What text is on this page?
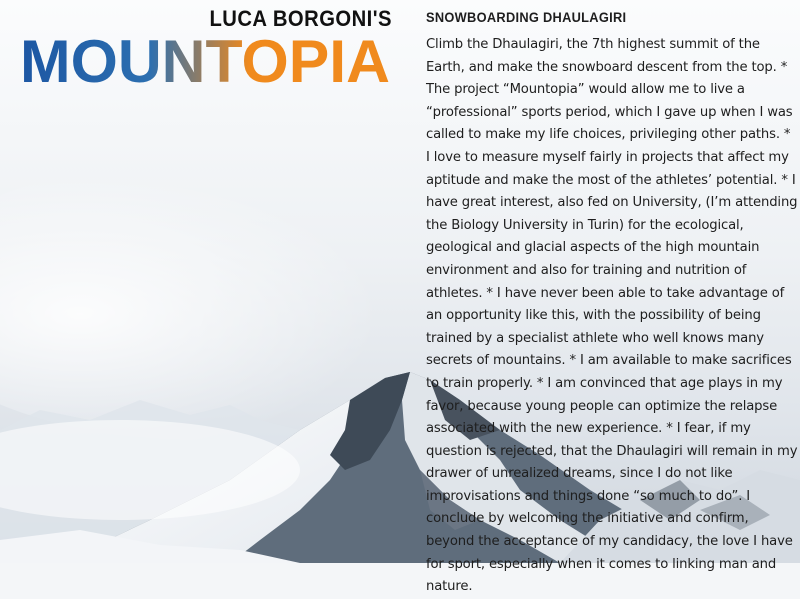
LUCA BORGONI'S
MOUNTOPIA
SNOWBOARDING DHAULAGIRI

Climb the Dhaulagiri, the 7th highest summit of the Earth, and make the snowboard descent from the top. * The project “Mountopia” would allow me to live a “professional” sports period, which I gave up when I was called to make my life choices, privileging other paths. * I love to measure myself fairly in projects that affect my aptitude and make the most of the athletes’ potential. * I have great interest, also fed on University, (I’m attending the Biology University in Turin) for the ecological, geological and glacial aspects of the high mountain environment and also for training and nutrition of athletes. * I have never been able to take advantage of an opportunity like this, with the possibility of being trained by a specialist athlete who well knows many secrets of mountains. * I am available to make sacrifices to train properly. * I am convinced that age plays in my favor, because young people can optimize the relapse associated with the new experience. * I fear, if my question is rejected, that the Dhaulagiri will remain in my drawer of unrealized dreams, since I do not like improvisations and things done “so much to do”. I conclude by welcoming the initiative and confirm, beyond the acceptance of my candidacy, the love I have for sport, especially when it comes to linking man and nature.
